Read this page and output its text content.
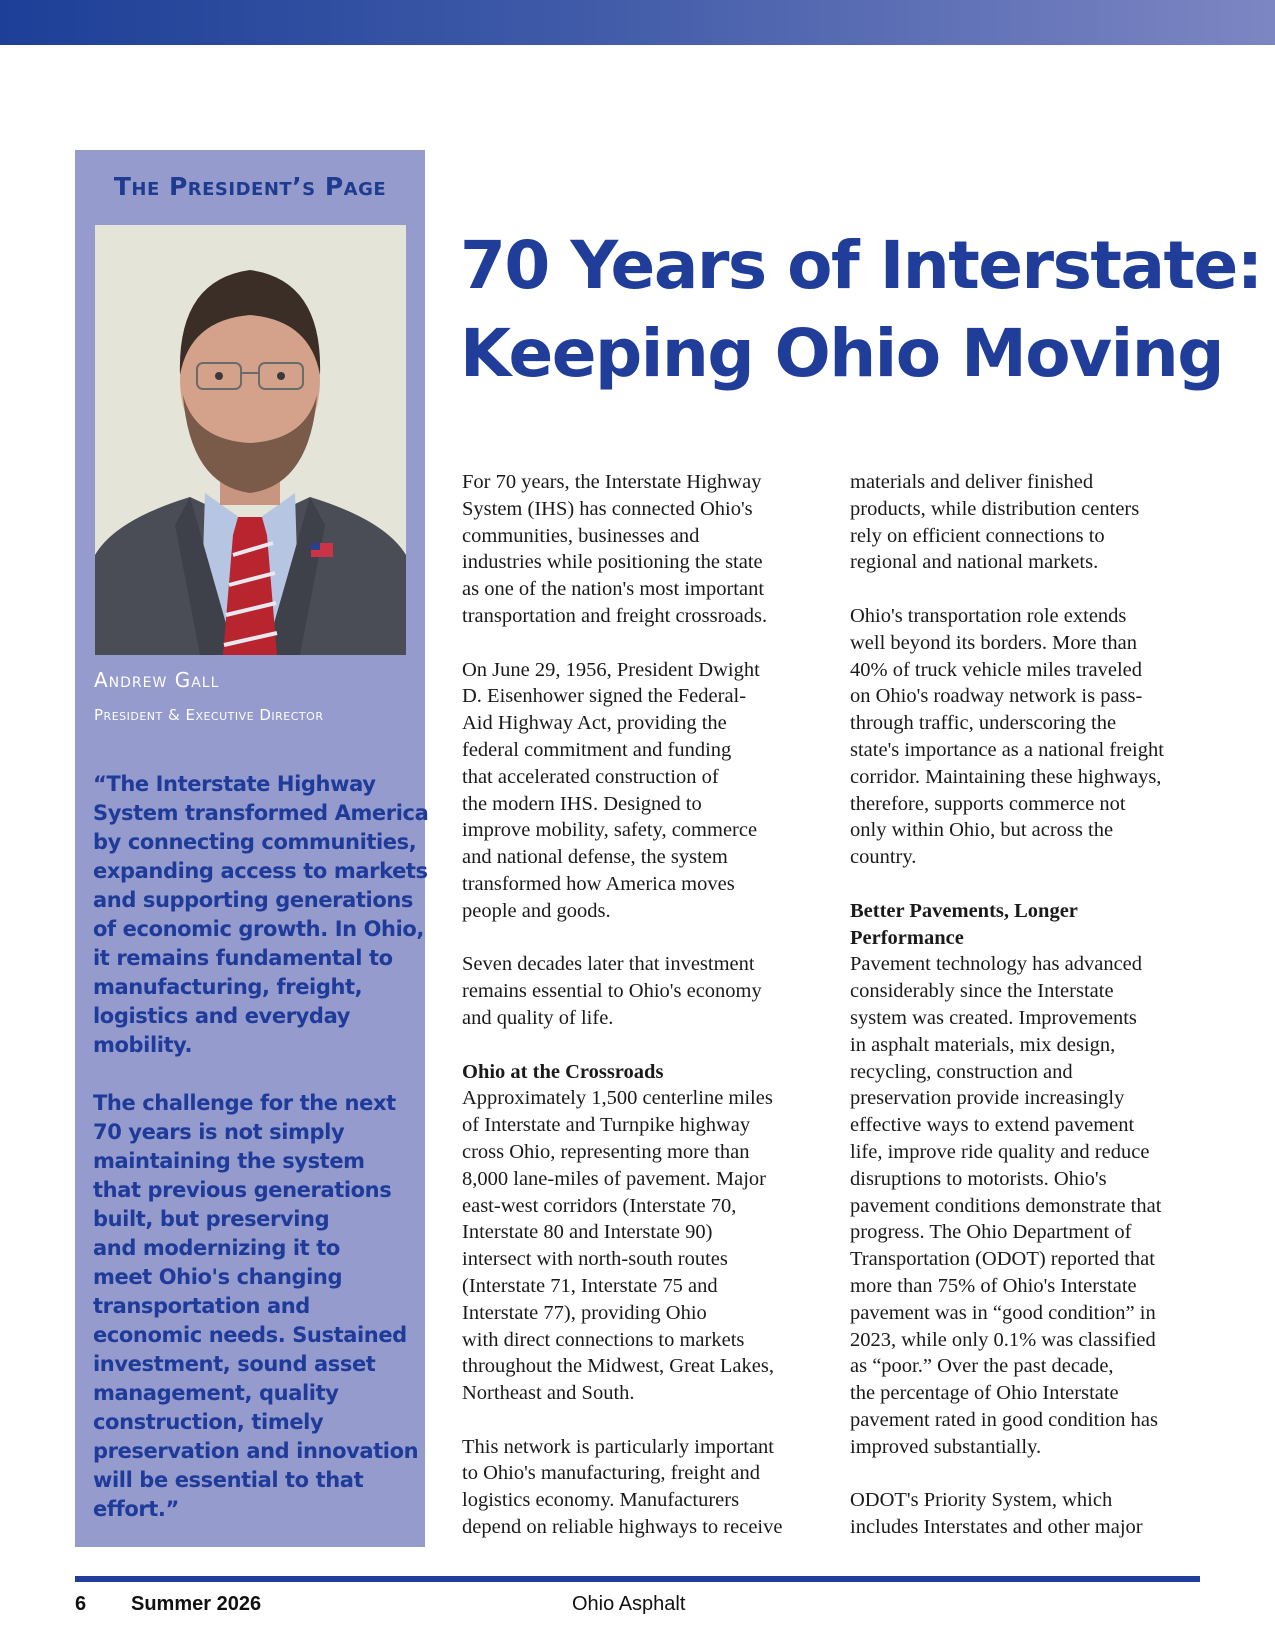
The President’s Page
Andrew Gall
President & Executive Director

“The Interstate Highway
System transformed America
by connecting communities,
expanding access to markets
and supporting generations
of economic growth. In Ohio,
it remains fundamental to
manufacturing, freight,
logistics and everyday
mobility.

The challenge for the next
70 years is not simply
maintaining the system
that previous generations
built, but preserving
and modernizing it to
meet Ohio's changing
transportation and
economic needs. Sustained
investment, sound asset
management, quality
construction, timely
preservation and innovation
will be essential to that
effort.”

70 Years of Interstate:
Keeping Ohio Moving
For 70 years, the Interstate Highway
System (IHS) has connected Ohio's
communities, businesses and
industries while positioning the state
as one of the nation's most important
transportation and freight crossroads.
On June 29, 1956, President Dwight
D. Eisenhower signed the Federal-
Aid Highway Act, providing the
federal commitment and funding
that accelerated construction of
the modern IHS. Designed to
improve mobility, safety, commerce
and national defense, the system
transformed how America moves
people and goods.
Seven decades later that investment
remains essential to Ohio's economy
and quality of life.
Ohio at the Crossroads
Approximately 1,500 centerline miles
of Interstate and Turnpike highway
cross Ohio, representing more than
8,000 lane-miles of pavement. Major
east-west corridors (Interstate 70,
Interstate 80 and Interstate 90)
intersect with north-south routes
(Interstate 71, Interstate 75 and
Interstate 77), providing Ohio
with direct connections to markets
throughout the Midwest, Great Lakes,
Northeast and South.
This network is particularly important
to Ohio's manufacturing, freight and
logistics economy. Manufacturers
depend on reliable highways to receive
materials and deliver finished
products, while distribution centers
rely on efficient connections to
regional and national markets.
Ohio's transportation role extends
well beyond its borders. More than
40% of truck vehicle miles traveled
on Ohio's roadway network is pass-
through traffic, underscoring the
state's importance as a national freight
corridor. Maintaining these highways,
therefore, supports commerce not
only within Ohio, but across the
country.
Better Pavements, Longer
Performance
Pavement technology has advanced
considerably since the Interstate
system was created. Improvements
in asphalt materials, mix design,
recycling, construction and
preservation provide increasingly
effective ways to extend pavement
life, improve ride quality and reduce
disruptions to motorists. Ohio's
pavement conditions demonstrate that
progress. The Ohio Department of
Transportation (ODOT) reported that
more than 75% of Ohio's Interstate
pavement was in “good condition” in
2023, while only 0.1% was classified
as “poor.” Over the past decade,
the percentage of Ohio Interstate
pavement rated in good condition has
improved substantially.
ODOT's Priority System, which
includes Interstates and other major
6 Summer 2026	Ohio Asphalt
